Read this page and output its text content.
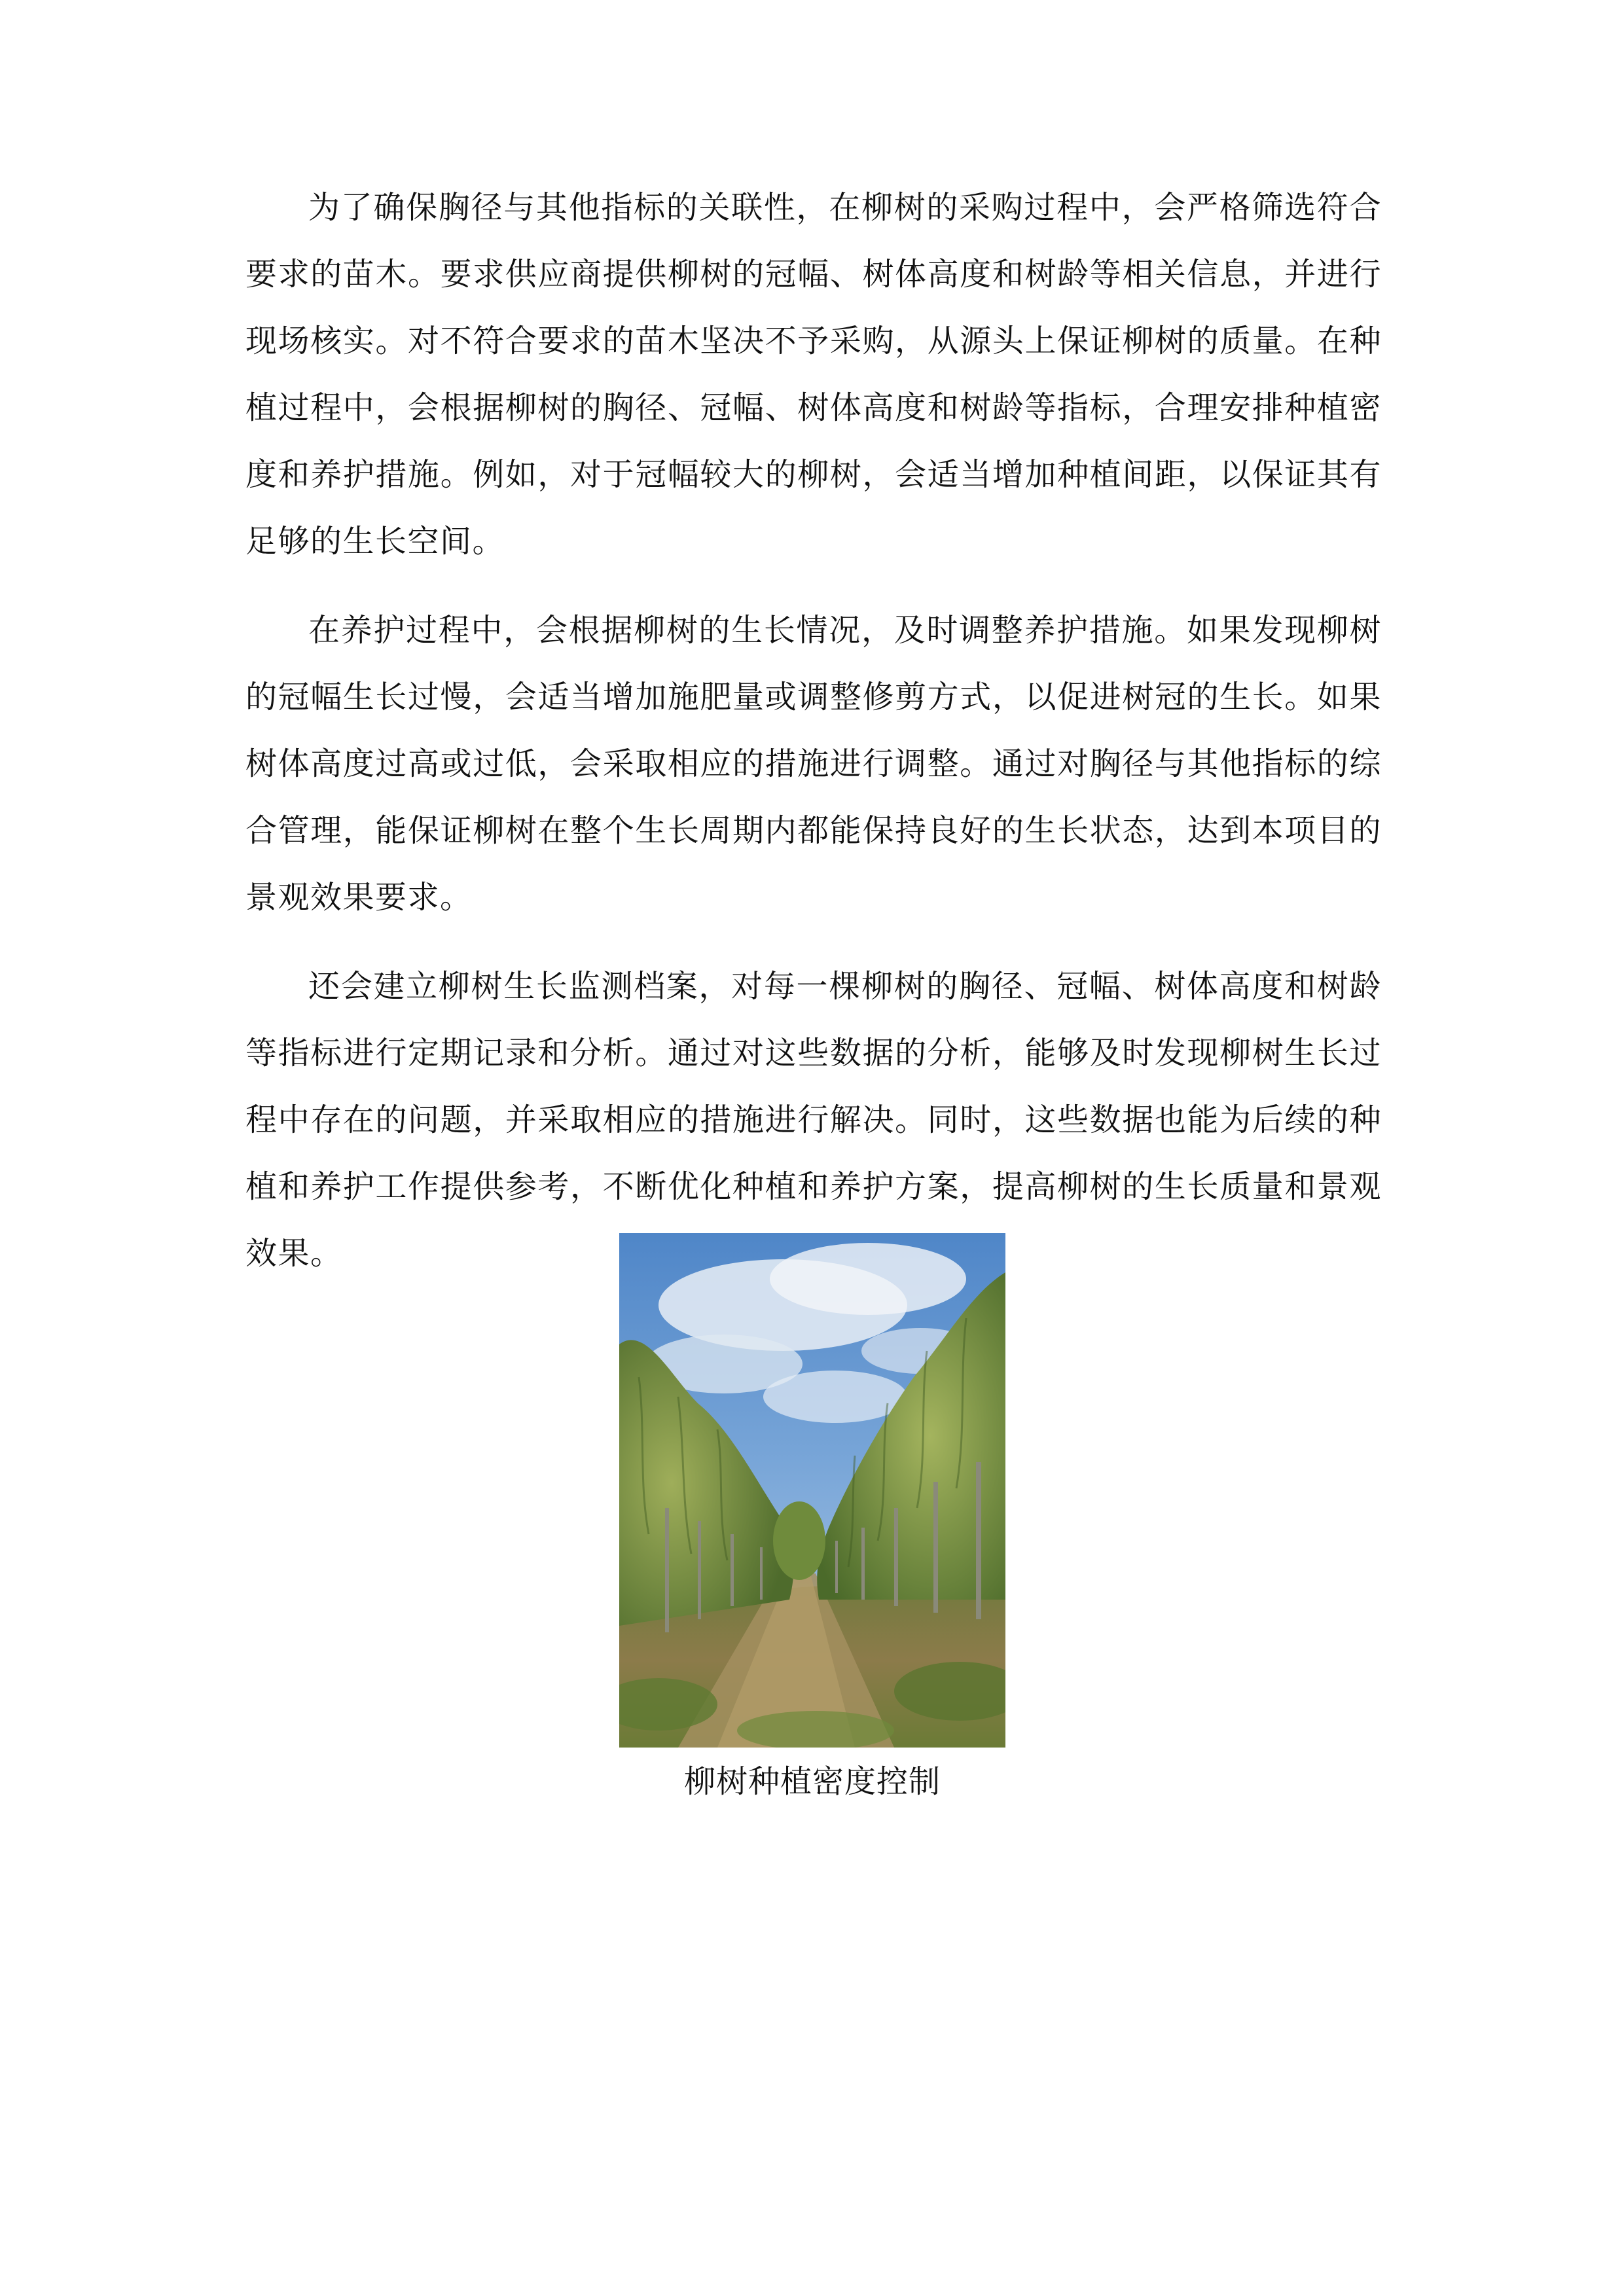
为了确保胸径与其他指标的关联性，在柳树的采购过程中，会严格筛选符合要求的苗木。要求供应商提供柳树的冠幅、树体高度和树龄等相关信息，并进行现场核实。对不符合要求的苗木坚决不予采购，从源头上保证柳树的质量。在种植过程中，会根据柳树的胸径、冠幅、树体高度和树龄等指标，合理安排种植密度和养护措施。例如，对于冠幅较大的柳树，会适当增加种植间距，以保证其有足够的生长空间。

在养护过程中，会根据柳树的生长情况，及时调整养护措施。如果发现柳树的冠幅生长过慢，会适当增加施肥量或调整修剪方式，以促进树冠的生长。如果树体高度过高或过低，会采取相应的措施进行调整。通过对胸径与其他指标的综合管理，能保证柳树在整个生长周期内都能保持良好的生长状态，达到本项目的景观效果要求。

还会建立柳树生长监测档案，对每一棵柳树的胸径、冠幅、树体高度和树龄等指标进行定期记录和分析。通过对这些数据的分析，能够及时发现柳树生长过程中存在的问题，并采取相应的措施进行解决。同时，这些数据也能为后续的种植和养护工作提供参考，不断优化种植和养护方案，提高柳树的生长质量和景观效果。

柳树种植密度控制
